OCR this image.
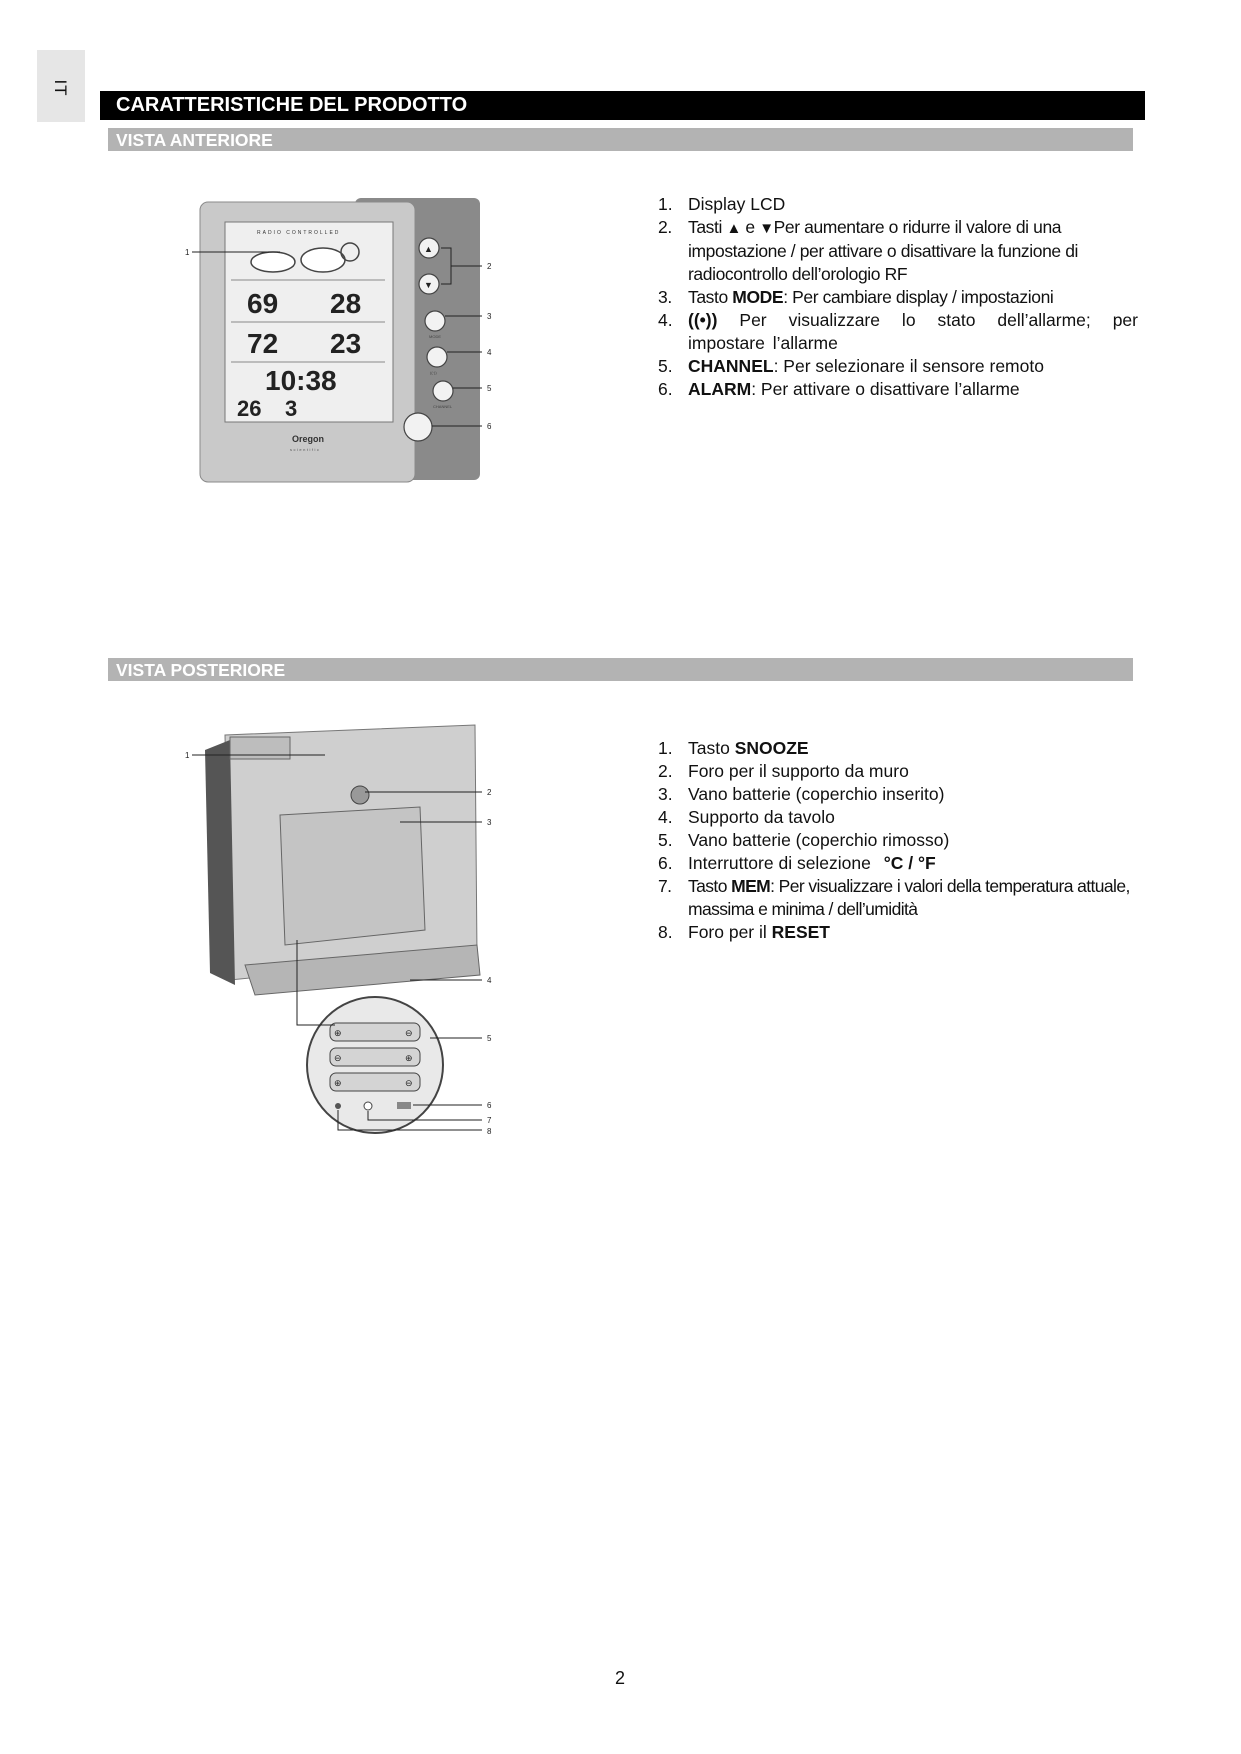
IT
CARATTERISTICHE DEL PRODOTTO
VISTA ANTERIORE
RADIO CONTROLLED
69 28
72 23
10:38
26 3
Oregon
scientific
▲
▼
MODE
((·))
CHANNEL
1
2
3
4
5
6
1. Display LCD
2. Tasti ▲ e ▼Per aumentare o ridurre il valore di una impostazione / per attivare o disattivare la funzione di radiocontrollo dell’orologio RF
3. Tasto MODE: Per cambiare display / impostazioni
4. ((•)) Per visualizzare lo stato dell’allarme; per impostare l’allarme
5. CHANNEL: Per selezionare il sensore remoto
6. ALARM: Per attivare o disattivare l’allarme
VISTA POSTERIORE
⊕	⊖
⊖	⊕
⊕	⊖
1
2
3
4
5
6
7
8
1. Tasto SNOOZE
2. Foro per il supporto da muro
3. Vano batterie (coperchio inserito)
4. Supporto da tavolo
5. Vano batterie (coperchio rimosso)
6. Interruttore di selezione °C / °F
7. Tasto MEM: Per visualizzare i valori della temperatura attuale, massima e minima / dell’umidità
8. Foro per il RESET
2
